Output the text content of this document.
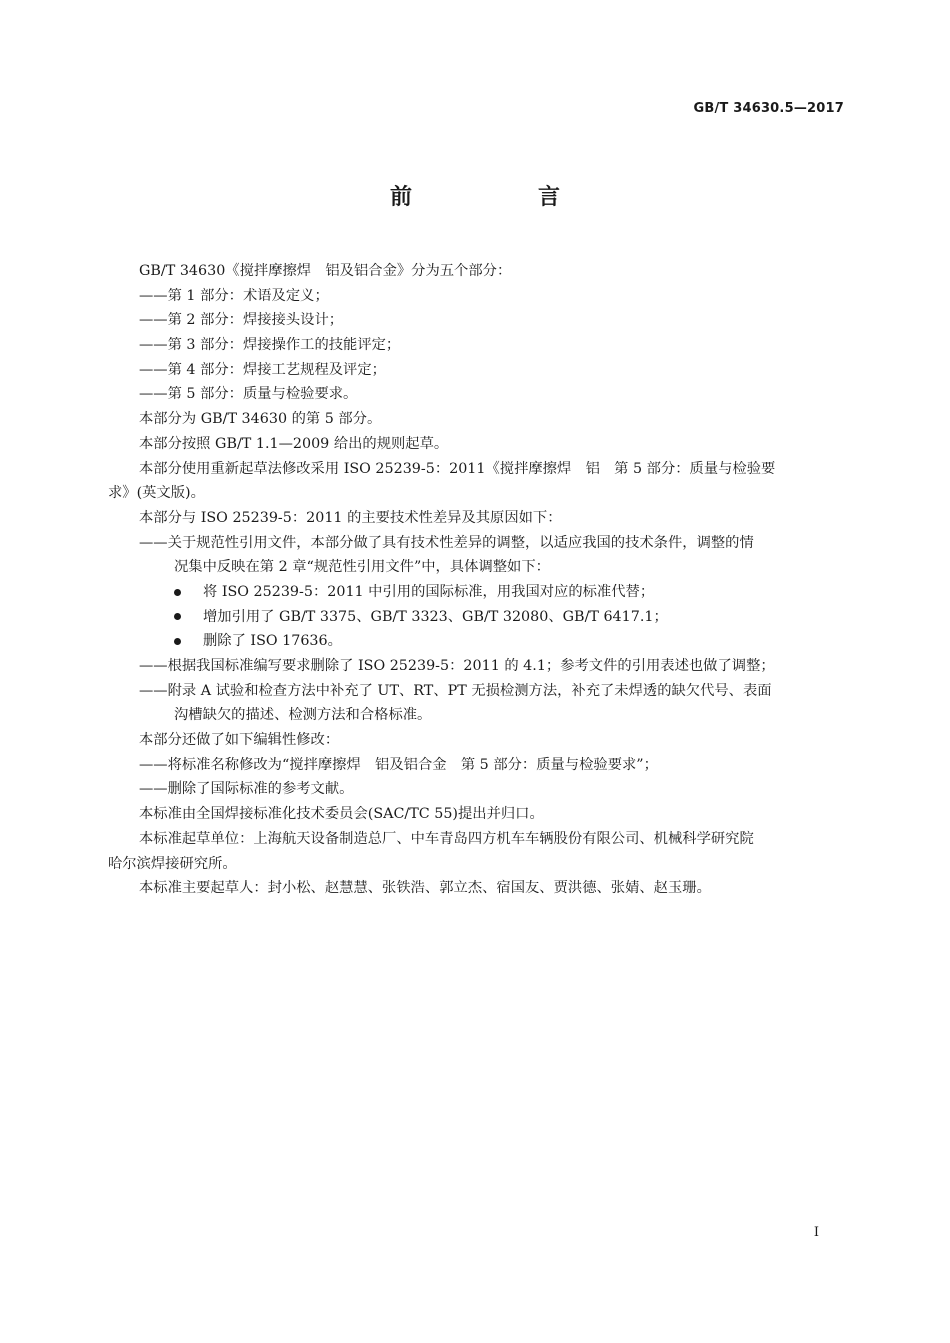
GB/T 34630.5—2017
前　言
GB/T 34630《搅拌摩擦焊　铝及铝合金》分为五个部分：
——第 1 部分：术语及定义；
——第 2 部分：焊接接头设计；
——第 3 部分：焊接操作工的技能评定；
——第 4 部分：焊接工艺规程及评定；
——第 5 部分：质量与检验要求。
本部分为 GB/T 34630 的第 5 部分。
本部分按照 GB/T 1.1—2009 给出的规则起草。
本部分使用重新起草法修改采用 ISO 25239-5：2011《搅拌摩擦焊　铝　第 5 部分：质量与检验要
求》(英文版)。
本部分与 ISO 25239-5：2011 的主要技术性差异及其原因如下：
——关于规范性引用文件，本部分做了具有技术性差异的调整，以适应我国的技术条件，调整的情
况集中反映在第 2 章“规范性引用文件”中，具体调整如下：
将 ISO 25239-5：2011 中引用的国际标准，用我国对应的标准代替；
增加引用了 GB/T 3375、GB/T 3323、GB/T 32080、GB/T 6417.1；
删除了 ISO 17636。
——根据我国标准编写要求删除了 ISO 25239-5：2011 的 4.1；参考文件的引用表述也做了调整；
——附录 A 试验和检查方法中补充了 UT、RT、PT 无损检测方法，补充了未焊透的缺欠代号、表面
沟槽缺欠的描述、检测方法和合格标准。
本部分还做了如下编辑性修改：
——将标准名称修改为“搅拌摩擦焊　铝及铝合金　第 5 部分：质量与检验要求”；
——删除了国际标准的参考文献。
本标准由全国焊接标准化技术委员会(SAC/TC 55)提出并归口。
本标准起草单位：上海航天设备制造总厂、中车青岛四方机车车辆股份有限公司、机械科学研究院
哈尔滨焊接研究所。
本标准主要起草人：封小松、赵慧慧、张铁浩、郭立杰、宿国友、贾洪德、张婧、赵玉珊。
I
